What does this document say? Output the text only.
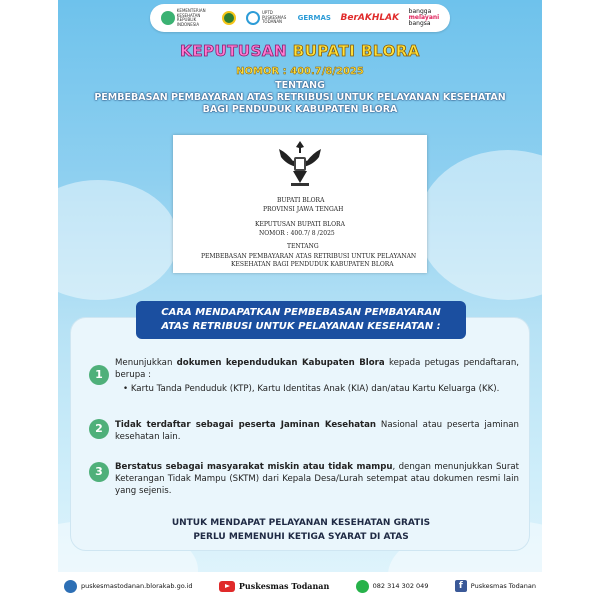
KEMENTERIAN KESEHATAN REPUBLIK INDONESIA
UPTD PUSKESMAS TODANAN	GERMAS BerAKHLAK
bangga
melayani
bangsa
KEPUTUSAN BUPATI BLORA
NOMOR : 400.7/8/2025
TENTANG
PEMBEBASAN PEMBAYARAN ATAS RETRIBUSI UNTUK PELAYANAN KESEHATAN
BAGI PENDUDUK KABUPATEN BLORA
BUPATI BLORA
PROVINSI JAWA TENGAH
KEPUTUSAN BUPATI BLORA
NOMOR : 400.7/ 8 /2025
TENTANG
PEMBEBASAN PEMBAYARAN ATAS RETRIBUSI UNTUK PELAYANAN
KESEHATAN BAGI PENDUDUK KABUPATEN BLORA
1
Menunjukkan dokumen kependudukan Kabupaten Blora kepada petugas pendaftaran, berupa :
• Kartu Tanda Penduduk (KTP), Kartu Identitas Anak (KIA) dan/atau Kartu Keluarga (KK).
2	Tidak terdaftar sebagai peserta Jaminan Kesehatan Nasional atau peserta jaminan kesehatan lain.
3	Berstatus sebagai masyarakat miskin atau tidak mampu, dengan menunjukkan Surat Keterangan Tidak Mampu (SKTM) dari Kepala Desa/Lurah setempat atau dokumen resmi lain yang sejenis.
UNTUK MENDAPAT PELAYANAN KESEHATAN GRATIS
PERLU MEMENUHI KETIGA SYARAT DI ATAS
CARA MENDAPATKAN PEMBEBASAN PEMBAYARAN
ATAS RETRIBUSI UNTUK PELAYANAN KESEHATAN :
puskesmastodanan.blorakab.go.id	Puskesmas Todanan	082 314 302 049	f	Puskesmas Todanan
